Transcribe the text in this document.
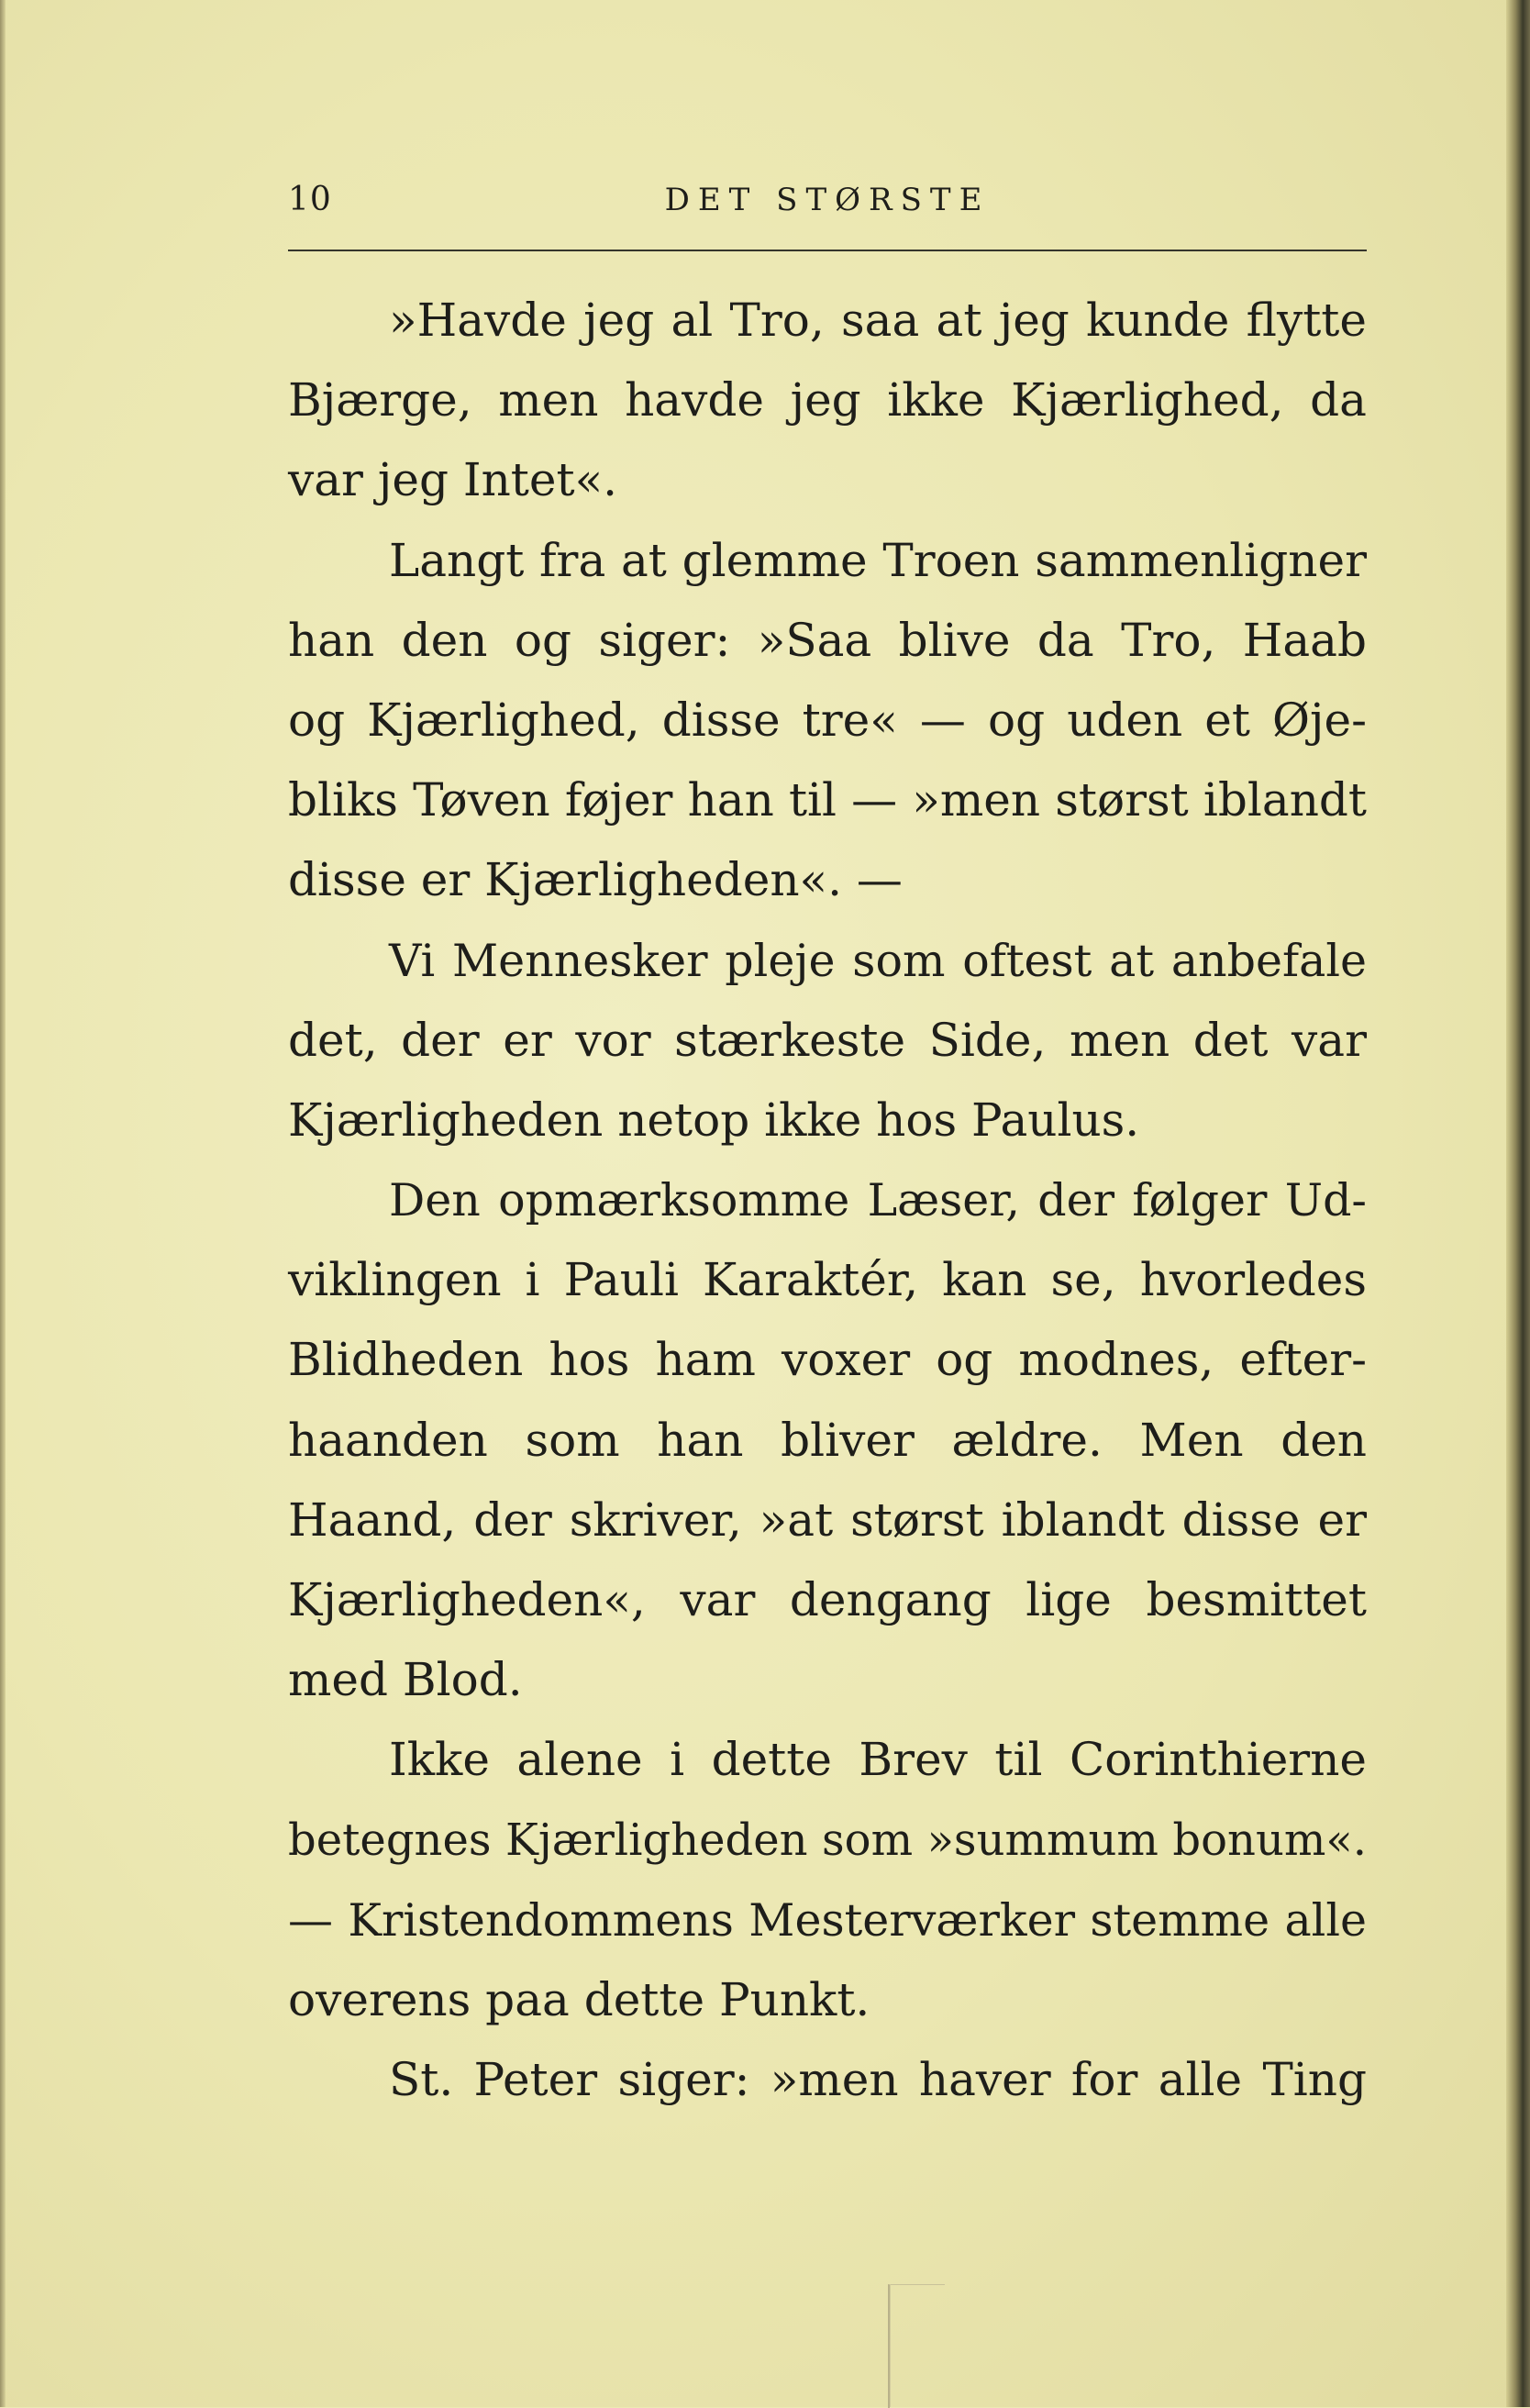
10	DET STØRSTE
»Havde jeg al Tro, saa at jeg kunde flytte
Bjærge, men havde jeg ikke Kjærlighed, da
var jeg Intet«.
Langt fra at glemme Troen sammenligner
han den og siger: »Saa blive da Tro, Haab
og Kjærlighed, disse tre« — og uden et Øje-
bliks Tøven føjer han til — »men størst iblandt
disse er Kjærligheden«. —
Vi Mennesker pleje som oftest at anbefale
det, der er vor stærkeste Side, men det var
Kjærligheden netop ikke hos Paulus.
Den opmærksomme Læser, der følger Ud-
viklingen i Pauli Karaktér, kan se, hvorledes
Blidheden hos ham voxer og modnes, efter-
haanden som han bliver ældre. Men den
Haand, der skriver, »at størst iblandt disse er
Kjærligheden«, var dengang lige besmittet
med Blod.
Ikke alene i dette Brev til Corinthierne
betegnes Kjærligheden som »summum bonum«.
— Kristendommens Mesterværker stemme alle
overens paa dette Punkt.
St. Peter siger: »men haver for alle Ting
